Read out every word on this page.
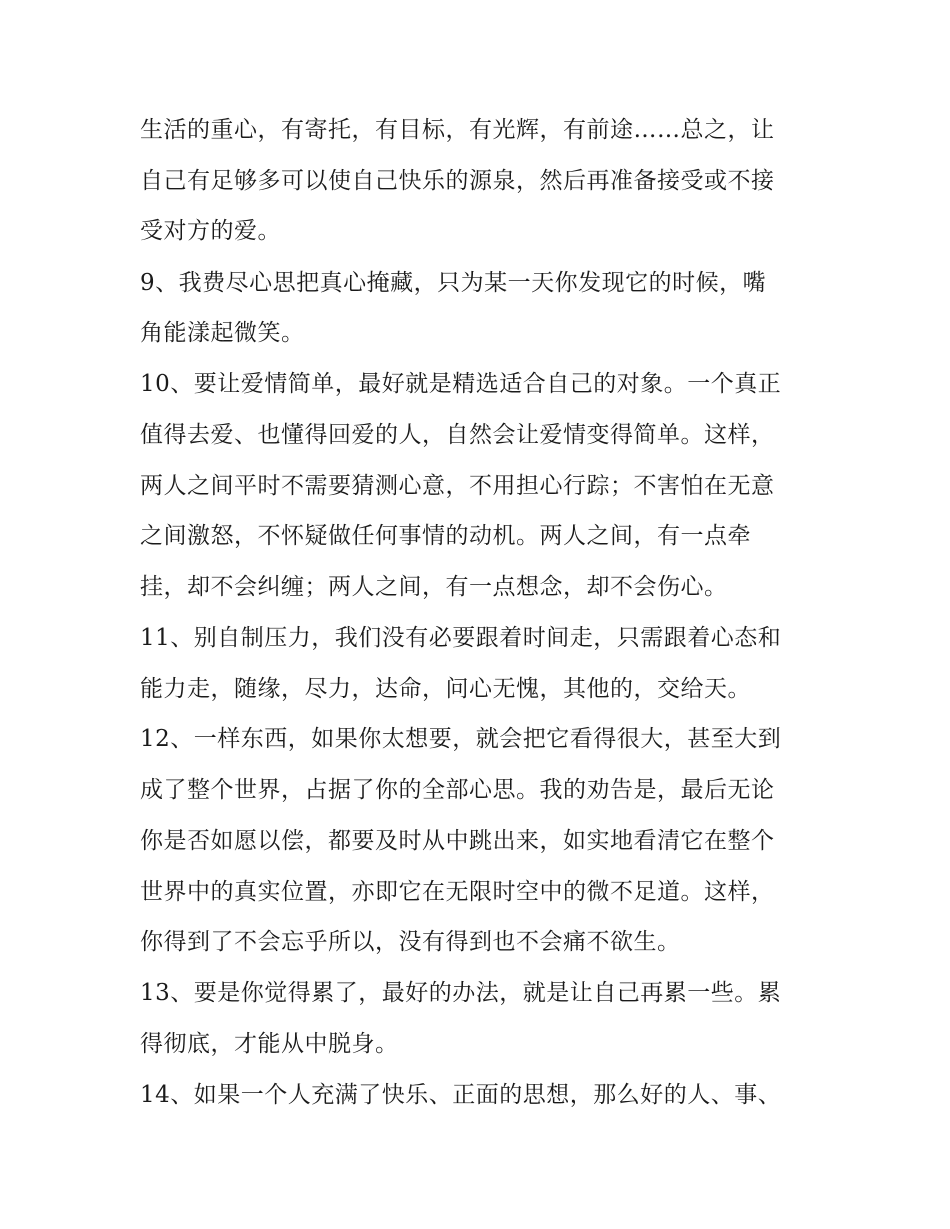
生活的重心，有寄托，有目标，有光辉，有前途……总之，让
自己有足够多可以使自己快乐的源泉，然后再准备接受或不接
受对方的爱。
9、我费尽心思把真心掩藏，只为某一天你发现它的时候，嘴
角能漾起微笑。
10、要让爱情简单，最好就是精选适合自己的对象。一个真正
值得去爱、也懂得回爱的人，自然会让爱情变得简单。这样，
两人之间平时不需要猜测心意，不用担心行踪；不害怕在无意
之间激怒，不怀疑做任何事情的动机。两人之间，有一点牵
挂，却不会纠缠；两人之间，有一点想念，却不会伤心。
11、别自制压力，我们没有必要跟着时间走，只需跟着心态和
能力走，随缘，尽力，达命，问心无愧，其他的，交给天。
12、一样东西，如果你太想要，就会把它看得很大，甚至大到
成了整个世界，占据了你的全部心思。我的劝告是，最后无论
你是否如愿以偿，都要及时从中跳出来，如实地看清它在整个
世界中的真实位置，亦即它在无限时空中的微不足道。这样，
你得到了不会忘乎所以，没有得到也不会痛不欲生。
13、要是你觉得累了，最好的办法，就是让自己再累一些。累
得彻底，才能从中脱身。
14、如果一个人充满了快乐、正面的思想，那么好的人、事、
